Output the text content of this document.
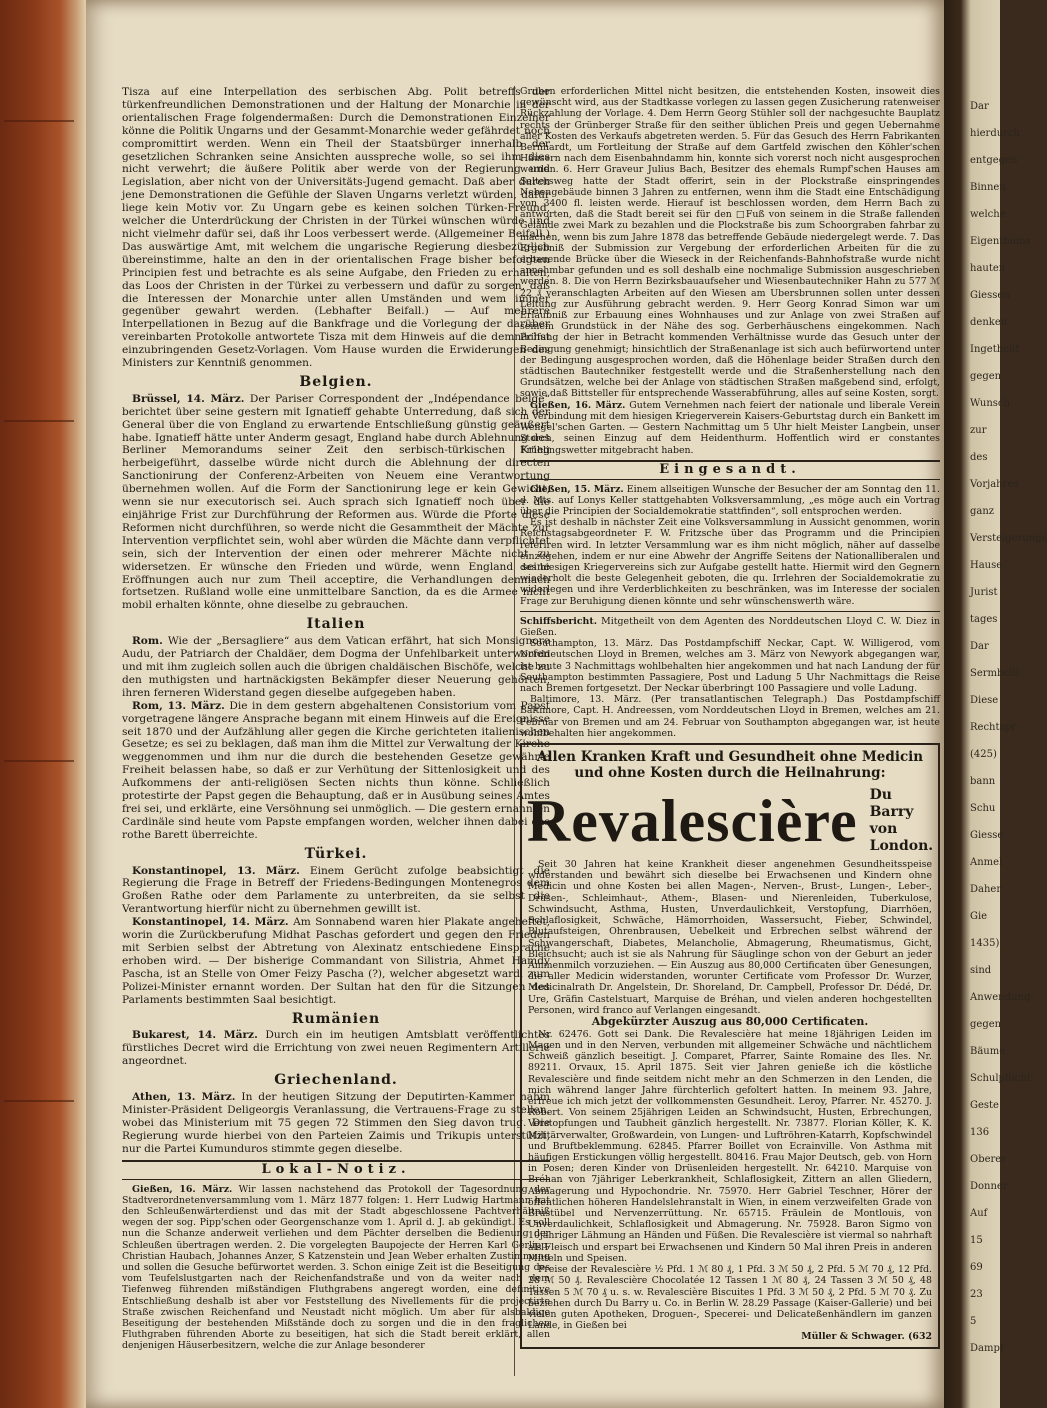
Tisza auf eine Interpellation des serbischen Abg. Polit betreffs der türkenfreundlichen Demonstrationen und der Haltung der Monarchie in der orientalischen Frage folgendermaßen: Durch die Demonstrationen Einzelner könne die Politik Ungarns und der Gesammt-Monarchie weder gefährdet noch compromittirt werden. Wenn ein Theil der Staatsbürger innerhalb der gesetzlichen Schranken seine Ansichten ausspreche wolle, so sei ihm dies nicht verwehrt; die äußere Politik aber werde von der Regierung und Legislation, aber nicht von der Universitäts-Jugend gemacht. Daß aber durch jene Demonstrationen die Gefühle der Slaven Ungarns verletzt würden, dafür liege kein Motiv vor. Zu Ungarn gebe es keinen solchen Türken-Freund, welcher die Unterdrückung der Christen in der Türkei wünschen würde und nicht vielmehr dafür sei, daß ihr Loos verbessert werde. (Allgemeiner Beifall.) Das auswärtige Amt, mit welchem die ungarische Regierung diesbezüglich übereinstimme, halte an den in der orientalischen Frage bisher befolgten Principien fest und betrachte es als seine Aufgabe, den Frieden zu erhalten, das Loos der Christen in der Türkei zu verbessern und dafür zu sorgen, daß die Interessen der Monarchie unter allen Umständen und wem immer gegenüber gewahrt werden. (Lebhafter Beifall.) — Auf mehrere Interpellationen in Bezug auf die Bankfrage und die Vorlegung der darüber vereinbarten Protokolle antwortete Tisza mit dem Hinweis auf die demnächst einzubringenden Gesetz-Vorlagen. Vom Hause wurden die Erwiderungen des Ministers zur Kenntniß genommen.

Belgien.

Brüssel, 14. März. Der Pariser Correspondent der „Indépendance belge“ berichtet über seine gestern mit Ignatieff gehabte Unterredung, daß sich der General über die von England zu erwartende Entschließung günstig geäußert habe. Ignatieff hätte unter Anderm gesagt, England habe durch Ablehnung des Berliner Memorandums seiner Zeit den serbisch-türkischen Krieg herbeigeführt, dasselbe würde nicht durch die Ablehnung der directen Sanctionirung der Conferenz-Arbeiten von Neuem eine Verantwortung übernehmen wollen. Auf die Form der Sanctionirung lege er kein Gewicht, wenn sie nur executorisch sei. Auch sprach sich Ignatieff noch über die einjährige Frist zur Durchführung der Reformen aus. Würde die Pforte diese Reformen nicht durchführen, so werde nicht die Gesammtheit der Mächte zur Intervention verpflichtet sein, wohl aber würden die Mächte dann verpflichtet sein, sich der Intervention der einen oder mehrerer Mächte nicht zu widersetzen. Er wünsche den Frieden und würde, wenn England seine Eröffnungen auch nur zum Theil acceptire, die Verhandlungen demnach fortsetzen. Rußland wolle eine unmittelbare Sanction, da es die Armee nicht mobil erhalten könnte, ohne dieselbe zu gebrauchen.

Italien

Rom. Wie der „Bersagliere“ aus dem Vatican erfährt, hat sich Monsignore Audu, der Patriarch der Chaldäer, dem Dogma der Unfehlbarkeit unterworfen und mit ihm zugleich sollen auch die übrigen chaldäischen Bischöfe, welche zu den muthigsten und hartnäckigsten Bekämpfer dieser Neuerung gehörten, ihren ferneren Widerstand gegen dieselbe aufgegeben haben.

Rom, 13. März. Die in dem gestern abgehaltenen Consistorium vom Papst vorgetragene längere Ansprache begann mit einem Hinweis auf die Ereignisse seit 1870 und der Aufzählung aller gegen die Kirche gerichteten italienischen Gesetze; es sei zu beklagen, daß man ihm die Mittel zur Verwaltung der Kirche weggenommen und ihm nur die durch die bestehenden Gesetze gewährte Freiheit belassen habe, so daß er zur Verhütung der Sittenlosigkeit und des Aufkommens der anti-religiösen Secten nichts thun könne. Schließlich protestirte der Papst gegen die Behauptung, daß er in Ausübung seines Amtes frei sei, und erklärte, eine Versöhnung sei unmöglich. — Die gestern ernannten Cardinäle sind heute vom Papste empfangen worden, welcher ihnen dabei das rothe Barett überreichte.

Türkei.

Konstantinopel, 13. März. Einem Gerücht zufolge beabsichtigt die Regierung die Frage in Betreff der Friedens-Bedingungen Montenegros dem Großen Rathe oder dem Parlamente zu unterbreiten, da sie selbst die Verantwortung hierfür nicht zu übernehmen gewillt ist.

Konstantinopel, 14. März. Am Sonnabend waren hier Plakate angeheftet, worin die Zurückberufung Midhat Paschas gefordert und gegen den Frieden mit Serbien selbst der Abtretung von Alexinatz entschiedene Einsprache erhoben wird. — Der bisherige Commandant von Silistria, Ahmet Hamdy Pascha, ist an Stelle von Omer Feizy Pascha (?), welcher abgesetzt ward, zum Polizei-Minister ernannt worden. Der Sultan hat den für die Sitzungen des Parlaments bestimmten Saal besichtigt.

Rumänien

Bukarest, 14. März. Durch ein im heutigen Amtsblatt veröffentlichtes fürstliches Decret wird die Errichtung von zwei neuen Regimentern Artillerie angeordnet.

Griechenland.

Athen, 13. März. In der heutigen Sitzung der Deputirten-Kammer nahm Minister-Präsident Deligeorgis Veranlassung, die Vertrauens-Frage zu stellen, wobei das Ministerium mit 75 gegen 72 Stimmen den Sieg davon trug. Die Regierung wurde hierbei von den Parteien Zaimis und Trikupis unterstützt, nur die Partei Kumunduros stimmte gegen dieselbe.

Lokal-Notiz.

Gießen, 16. März. Wir lassen nachstehend das Protokoll der Tagesordnung der Stadtverordnetenversammlung vom 1. März 1877 folgen: 1. Herr Ludwig Hartmann hat den Schleußenwärterdienst und das mit der Stadt abgeschlossene Pachtverhältniß wegen der sog. Pipp'schen oder Georgenschanze vom 1. April d. J. ab gekündigt. Es soll nun die Schanze anderweit verliehen und dem Pächter derselben die Bedienung der Schleußen übertragen werden. 2. Die vorgelegten Baupojecte der Herren Karl Gerlipp, Christian Haubach, Johannes Anzer, S Katzenstein und Jean Weber erhalten Zustimmung und sollen die Gesuche befürwortet werden. 3. Schon einige Zeit ist die Beseitigung des vom Teufelslustgarten nach der Reichenfandstraße und von da weiter nach dem Tiefenweg führenden mißständigen Fluthgrabens angeregt worden, eine definitive Entschließung deshalb ist aber vor Feststellung des Nivellements für die projectirte Straße zwischen Reichenfand und Neustadt nicht möglich. Um aber für alsbaldige Beseitigung der bestehenden Mißstände doch zu sorgen und die in den fraglichen Fluthgraben führenden Aborte zu beseitigen, hat sich die Stadt bereit erklärt, allen denjenigen Häuserbesitzern, welche die zur Anlage besonderer

Gruben erforderlichen Mittel nicht besitzen, die entstehenden Kosten, insoweit dies gewünscht wird, aus der Stadtkasse vorlegen zu lassen gegen Zusicherung ratenweiser Rückzahlung der Vorlage. 4. Dem Herrn Georg Stühler soll der nachgesuchte Bauplatz rechts der Grünberger Straße für den seither üblichen Preis und gegen Uebernahme aller Kosten des Verkaufs abgetreten werden. 5. Für das Gesuch des Herrn Fabrikanten Bernhardt, um Fortleitung der Straße auf dem Gartfeld zwischen den Köhler'schen Häusern nach dem Eisenbahndamm hin, konnte sich vorerst noch nicht ausgesprochen werden. 6. Herr Graveur Julius Bach, Besitzer des ehemals Rumpf'schen Hauses am Seltersweg hatte der Stadt offerirt, sein in der Plockstraße einspringendes Nebengebäude binnen 3 Jahren zu entfernen, wenn ihm die Stadt eine Entschädigung von 3400 fl. leisten werde. Hierauf ist beschlossen worden, dem Herrn Bach zu antworten, daß die Stadt bereit sei für den □Fuß von seinem in die Straße fallenden Gelände zwei Mark zu bezahlen und die Plockstraße bis zum Schoorgraben fahrbar zu machen, wenn bis zum Jahre 1878 das betreffende Gebäude niedergelegt werde. 7. Das Ergebniß der Submission zur Vergebung der erforderlichen Arbeiten für die zu erbauende Brücke über die Wieseck in der Reichenfands-Bahnhofstraße wurde nicht annehmbar gefunden und es soll deshalb eine nochmalige Submission ausgeschrieben werden. 8. Die von Herrn Bezirksbauaufseher und Wiesenbautechniker Hahn zu 577 ℳ 22 ₰ veranschlagten Arbeiten auf den Wiesen am Ubersbrunnen sollen unter dessen Leitung zur Ausführung gebracht werden. 9. Herr Georg Konrad Simon war um Erlaubniß zur Erbauung eines Wohnhauses und zur Anlage von zwei Straßen auf seinem Grundstück in der Nähe des sog. Gerberhäuschens eingekommen. Nach Prüfung der hier in Betracht kommenden Verhältnisse wurde das Gesuch unter der Bedingung genehmigt; hinsichtlich der Straßenanlage ist sich auch befürwortend unter der Bedingung ausgesprochen worden, daß die Höhenlage beider Straßen durch den städtischen Bautechniker festgestellt werde und die Straßenherstellung nach den Grundsätzen, welche bei der Anlage von städtischen Straßen maßgebend sind, erfolgt, sowie daß Bittsteller für entsprechende Wasserabführung, alles auf seine Kosten, sorgt.

Gießen, 16. März. Gutem Vernehmen nach feiert der nationale und liberale Verein in Verbindung mit dem hiesigen Kriegerverein Kaisers-Geburtstag durch ein Bankett im Wengel'schen Garten. — Gestern Nachmittag um 5 Uhr hielt Meister Langbein, unser Storch, seinen Einzug auf dem Heidenthurm. Hoffentlich wird er constantes Frühlingswetter mitgebracht haben.

Eingesandt.

Gießen, 15. März. Einem allseitigen Wunsche der Besucher der am Sonntag den 11. d. Mts. auf Lonys Keller stattgehabten Volksversammlung, „es möge auch ein Vortrag über die Principien der Socialdemokratie stattfinden“, soll entsprochen werden.

Es ist deshalb in nächster Zeit eine Volksversammlung in Aussicht genommen, worin Reichstagsabgeordneter F. W. Fritzsche über das Programm und die Principien referiren wird. In letzter Versammlung war es ihm nicht möglich, näher auf dasselbe einzugehen, indem er nur eine Abwehr der Angriffe Seitens der Nationalliberalen und des hiesigen Kriegervereins sich zur Aufgabe gestellt hatte. Hiermit wird den Gegnern wiederholt die beste Gelegenheit geboten, die qu. Irrlehren der Socialdemokratie zu widerlegen und ihre Verderblichkeiten zu beschränken, was im Interesse der socialen Frage zur Beruhigung dienen könnte und sehr wünschenswerth wäre.

Schiffsbericht. Mitgetheilt von dem Agenten des Norddeutschen Lloyd C. W. Diez in Gießen.

Southampton, 13. März. Das Postdampfschiff Neckar, Capt. W. Willigerod, vom Norddeutschen Lloyd in Bremen, welches am 3. März von Newyork abgegangen war, ist heute 3 Nachmittags wohlbehalten hier angekommen und hat nach Landung der für Southampton bestimmten Passagiere, Post und Ladung 5 Uhr Nachmittags die Reise nach Bremen fortgesetzt. Der Neckar überbringt 100 Passagiere und volle Ladung.

Baltimore, 13. März. (Per transatlantischen Telegraph.) Das Postdampfschiff Baltimore, Capt. H. Andreessen, vom Norddeutschen Lloyd in Bremen, welches am 21. Februar von Bremen und am 24. Februar von Southampton abgegangen war, ist heute wohlbehalten hier angekommen.

Allen Kranken Kraft und Gesundheit ohne Medicin und ohne Kosten durch die Heilnahrung:
Revalescière Du Barry
von London.

Seit 30 Jahren hat keine Krankheit dieser angenehmen Gesundheitsspeise widerstanden und bewährt sich dieselbe bei Erwachsenen und Kindern ohne Medicin und ohne Kosten bei allen Magen-, Nerven-, Brust-, Lungen-, Leber-, Drüsen-, Schleimhaut-, Athem-, Blasen- und Nierenleiden, Tuberkulose, Schwindsucht, Asthma, Husten, Unverdaulichkeit, Verstopfung, Diarrhöen, Schlaflosigkeit, Schwäche, Hämorrhoiden, Wassersucht, Fieber, Schwindel, Blutaufsteigen, Ohrenbrausen, Uebelkeit und Erbrechen selbst während der Schwangerschaft, Diabetes, Melancholie, Abmagerung, Rheumatismus, Gicht, Bleichsucht; auch ist sie als Nahrung für Säuglinge schon von der Geburt an jeder Ammenmilch vorzuziehen. — Ein Auszug aus 80,000 Certificaten über Genesungen, die aller Medicin widerstanden, worunter Certificate vom Professor Dr. Wurzer, Medicinalrath Dr. Angelstein, Dr. Shoreland, Dr. Campbell, Professor Dr. Dédé, Dr. Ure, Gräfin Castelstuart, Marquise de Bréhan, und vielen anderen hochgestellten Personen, wird franco auf Verlangen eingesandt.

Abgekürzter Auszug aus 80,000 Certificaten.

Nr. 62476. Gott sei Dank. Die Revalescière hat meine 18jährigen Leiden im Magen und in den Nerven, verbunden mit allgemeiner Schwäche und nächtlichem Schweiß gänzlich beseitigt. J. Comparet, Pfarrer, Sainte Romaine des Iles. Nr. 89211. Orvaux, 15. April 1875. Seit vier Jahren genieße ich die köstliche Revalescière und finde seitdem nicht mehr an den Schmerzen in den Lenden, die mich während langer Jahre fürchterlich gefoltert hatten. In meinem 93. Jahre, erfreue ich mich jetzt der vollkommensten Gesundheit. Leroy, Pfarrer. Nr. 45270. J. Robert. Von seinem 25jährigen Leiden an Schwindsucht, Husten, Erbrechungen, Verstopfungen und Taubheit gänzlich hergestellt. Nr. 73877. Florian Köller, K. K. Militärverwalter, Großwardein, von Lungen- und Luftröhren-Katarrh, Kopfschwindel und Bruftbeklemmung. 62845. Pfarrer Boillet von Ecrainville. Von Asthma mit häufigen Erstickungen völlig hergestellt. 80416. Frau Major Deutsch, geb. von Horn in Posen; deren Kinder von Drüsenleiden hergestellt. Nr. 64210. Marquise von Bréhan von 7jähriger Leberkrankheit, Schlaflosigkeit, Zittern an allen Gliedern, Abmagerung und Hypochondrie. Nr. 75970. Herr Gabriel Teschner, Hörer der öffentlichen höheren Handelslehranstalt in Wien, in einem verzweifelten Grade von Brustübel und Nervenzerrüttung. Nr. 65715. Fräulein de Montlouis, von Unverdaulichkeit, Schlaflosigkeit und Abmagerung. Nr. 75928. Baron Sigmo von 10jähriger Lähmung an Händen und Füßen. Die Revalescière ist viermal so nahrhaft als Fleisch und erspart bei Erwachsenen und Kindern 50 Mal ihren Preis in anderen Mitteln und Speisen.

Preise der Revalescière ½ Pfd. 1 ℳ 80 ₰, 1 Pfd. 3 ℳ 50 ₰, 2 Pfd. 5 ℳ 70 ₰, 12 Pfd. 28 ℳ 50 ₰. Revalescière Chocolatée 12 Tassen 1 ℳ 80 ₰, 24 Tassen 3 ℳ 50 ₰, 48 Tassen 5 ℳ 70 ₰ u. s. w. Revalescière Biscuites 1 Pfd. 3 ℳ 50 ₰, 2 Pfd. 5 ℳ 70 ₰. Zu beziehen durch Du Barry u. Co. in Berlin W. 28.29 Passage (Kaiser-Gallerie) und bei vielen guten Apotheken, Droguen-, Specerei- und Delicateßenhändlern im ganzen Lande, in Gießen bei

Müller & Schwager. (632
Dar
hierdurch
entgegen
Binnen
welche
Eigenthums
hauten
Giessen
denken
Ingetheilt
gegen
Wunsch
zur
des
Vorjahres
ganz
Versteigerungs
Hause
Jurist
tages
Dar
Sermbelli
Diese
Rechtspr
(425)
bann
Schu
Giesse
Anmel
Daher
Gie
1435)
sind
Anwendung
gegen
Bäume
Schulpflicht
Geste
136
Oberer
Donner
Auf
15
69
23
5
Dampf
